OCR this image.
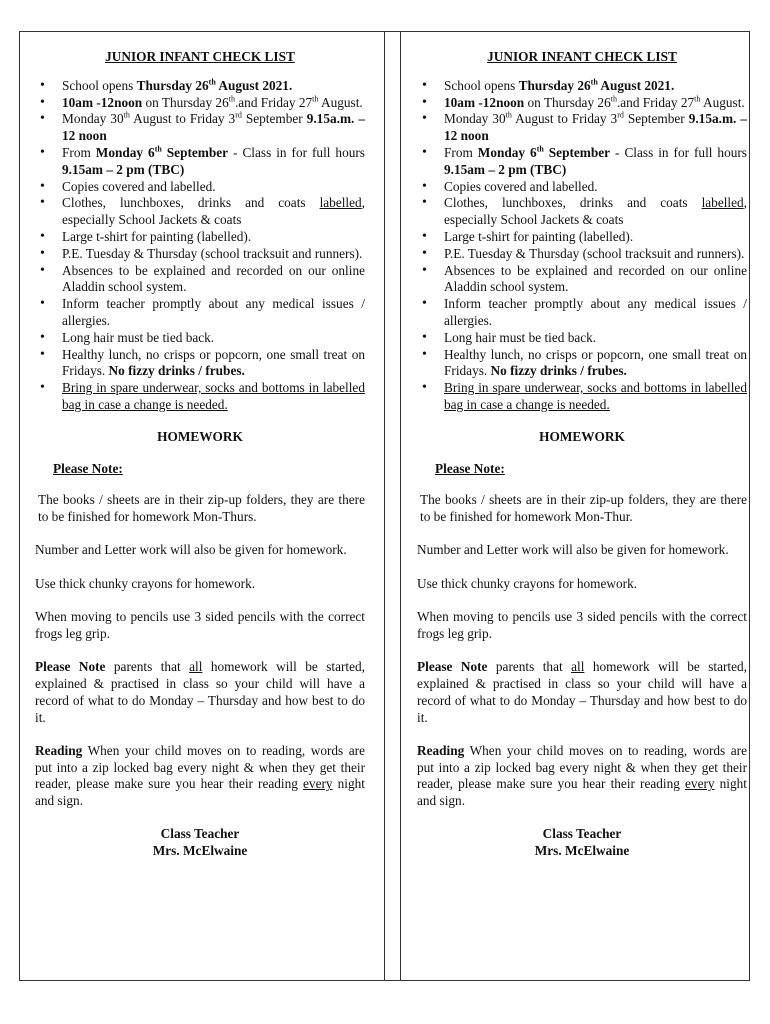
JUNIOR INFANT CHECK LIST
• School opens Thursday 26th August 2021.
• 10am -12noon on Thursday 26th.and Friday 27th August.
• Monday 30th August to Friday 3rd September 9.15a.m. – 12 noon
• From Monday 6th September - Class in for full hours 9.15am – 2 pm (TBC)
• Copies covered and labelled.
• Clothes, lunchboxes, drinks and coats labelled, especially School Jackets & coats
• Large t-shirt for painting (labelled).
• P.E. Tuesday & Thursday (school tracksuit and runners).
• Absences to be explained and recorded on our online Aladdin school system.
• Inform teacher promptly about any medical issues / allergies.
• Long hair must be tied back.
• Healthy lunch, no crisps or popcorn, one small treat on Fridays. No fizzy drinks / frubes.
• Bring in spare underwear, socks and bottoms in labelled bag in case a change is needed.
HOMEWORK
Please Note:

The books / sheets are in their zip-up folders, they are there to be finished for homework Mon-Thurs.

Number and Letter work will also be given for homework.

Use thick chunky crayons for homework.

When moving to pencils use 3 sided pencils with the correct frogs leg grip.

Please Note parents that all homework will be started, explained & practised in class so your child will have a record of what to do Monday – Thursday and how best to do it.

Reading When your child moves on to reading, words are put into a zip locked bag every night & when they get their reader, please make sure you hear their reading every night and sign.

Class Teacher

Mrs. McElwaine

JUNIOR INFANT CHECK LIST
• School opens Thursday 26th August 2021.
• 10am -12noon on Thursday 26th.and Friday 27th August.
• Monday 30th August to Friday 3rd September 9.15a.m. – 12 noon
• From Monday 6th September - Class in for full hours 9.15am – 2 pm (TBC)
• Copies covered and labelled.
• Clothes, lunchboxes, drinks and coats labelled, especially School Jackets & coats
• Large t-shirt for painting (labelled).
• P.E. Tuesday & Thursday (school tracksuit and runners).
• Absences to be explained and recorded on our online Aladdin school system.
• Inform teacher promptly about any medical issues / allergies.
• Long hair must be tied back.
• Healthy lunch, no crisps or popcorn, one small treat on Fridays. No fizzy drinks / frubes.
• Bring in spare underwear, socks and bottoms in labelled bag in case a change is needed.
HOMEWORK
Please Note:

The books / sheets are in their zip-up folders, they are there to be finished for homework Mon-Thur.

Number and Letter work will also be given for homework.

Use thick chunky crayons for homework.

When moving to pencils use 3 sided pencils with the correct frogs leg grip.

Please Note parents that all homework will be started, explained & practised in class so your child will have a record of what to do Monday – Thursday and how best to do it.

Reading When your child moves on to reading, words are put into a zip locked bag every night & when they get their reader, please make sure you hear their reading every night and sign.

Class Teacher

Mrs. McElwaine
